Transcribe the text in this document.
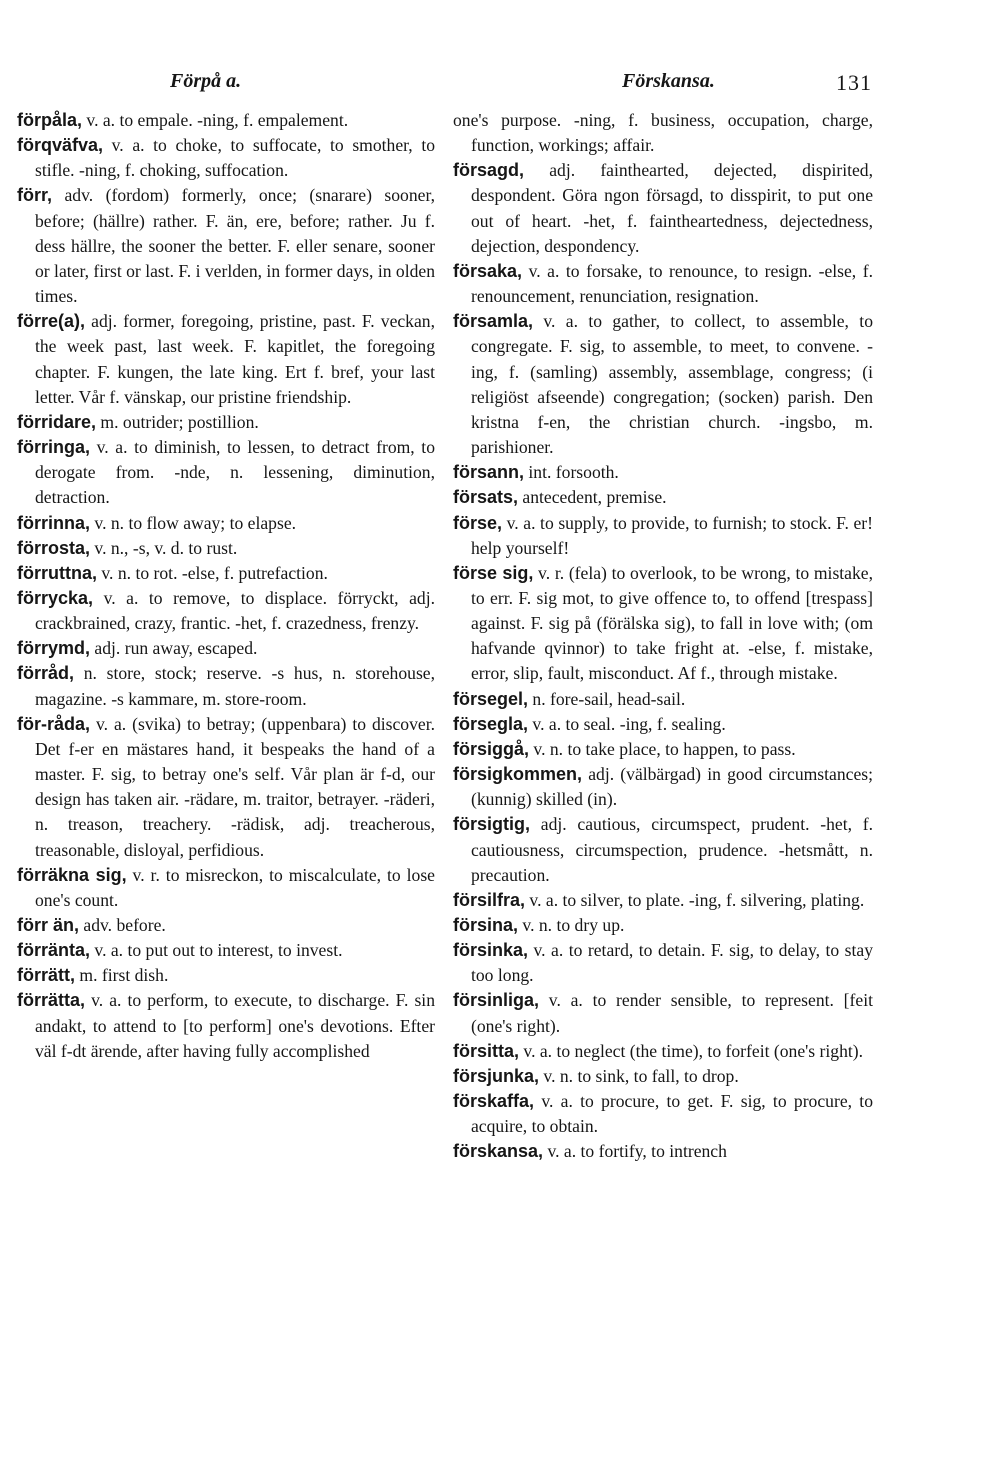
Förpå a.	Förskansa.	131

förpåla, v. a. to empale. -ning, f. empalement.

förqväfva, v. a. to choke, to suffocate, to smother, to stifle. -ning, f. choking, suffocation.

förr, adv. (fordom) formerly, once; (snarare) sooner, before; (hällre) rather. F. än, ere, before; rather. Ju f. dess hällre, the sooner the better. F. eller senare, sooner or later, first or last. F. i verlden, in former days, in olden times.

förre(a), adj. former, foregoing, pristine, past. F. veckan, the week past, last week. F. kapitlet, the foregoing chapter. F. kungen, the late king. Ert f. bref, your last letter. Vår f. vänskap, our pristine friendship.

förridare, m. outrider; postillion.

förringa, v. a. to diminish, to lessen, to detract from, to derogate from. -nde, n. lessening, diminution, detraction.

förrinna, v. n. to flow away; to elapse.

förrosta, v. n., -s, v. d. to rust.

förruttna, v. n. to rot. -else, f. putrefaction.

förrycka, v. a. to remove, to displace. förryckt, adj. crackbrained, crazy, frantic. -het, f. crazedness, frenzy.

förrymd, adj. run away, escaped.

förråd, n. store, stock; reserve. -s hus, n. storehouse, magazine. -s kammare, m. store-room.

för-råda, v. a. (svika) to betray; (uppenbara) to discover. Det f-er en mästares hand, it bespeaks the hand of a master. F. sig, to betray one's self. Vår plan är f-d, our design has taken air. -rädare, m. traitor, betrayer. -räderi, n. treason, treachery. -rädisk, adj. treacherous, treasonable, disloyal, perfidious.

förräkna sig, v. r. to misreckon, to miscalculate, to lose one's count.

förr än, adv. before.

förränta, v. a. to put out to interest, to invest.

förrätt, m. first dish.

förrätta, v. a. to perform, to execute, to discharge. F. sin andakt, to attend to [to perform] one's devotions. Efter väl f-dt ärende, after having fully accomplished

one's purpose. -ning, f. business, occupation, charge, function, workings; affair.

försagd, adj. fainthearted, dejected, dispirited, despondent. Göra ngon försagd, to disspirit, to put one out of heart. -het, f. faintheartedness, dejectedness, dejection, despondency.

försaka, v. a. to forsake, to renounce, to resign. -else, f. renouncement, renunciation, resignation.

församla, v. a. to gather, to collect, to assemble, to congregate. F. sig, to assemble, to meet, to convene. -ing, f. (samling) assembly, assemblage, congress; (i religiöst afseende) congregation; (socken) parish. Den kristna f-en, the christian church. -ingsbo, m. parishioner.

försann, int. forsooth.

försats, antecedent, premise.

förse, v. a. to supply, to provide, to furnish; to stock. F. er! help yourself!

förse sig, v. r. (fela) to overlook, to be wrong, to mistake, to err. F. sig mot, to give offence to, to offend [trespass] against. F. sig på (förälska sig), to fall in love with; (om hafvande qvinnor) to take fright at. -else, f. mistake, error, slip, fault, misconduct. Af f., through mistake.

försegel, n. fore-sail, head-sail.

försegla, v. a. to seal. -ing, f. sealing.

försiggå, v. n. to take place, to happen, to pass.

försigkommen, adj. (välbärgad) in good circumstances; (kunnig) skilled (in).

försigtig, adj. cautious, circumspect, prudent. -het, f. cautiousness, circumspection, prudence. -hetsmått, n. precaution.

försilfra, v. a. to silver, to plate. -ing, f. silvering, plating.

försina, v. n. to dry up.

försinka, v. a. to retard, to detain. F. sig, to delay, to stay too long.

försinliga, v. a. to render sensible, to represent. [feit (one's right).

försitta, v. a. to neglect (the time), to forfeit (one's right).

försjunka, v. n. to sink, to fall, to drop.

förskaffa, v. a. to procure, to get. F. sig, to procure, to acquire, to obtain.

förskansa, v. a. to fortify, to intrench
